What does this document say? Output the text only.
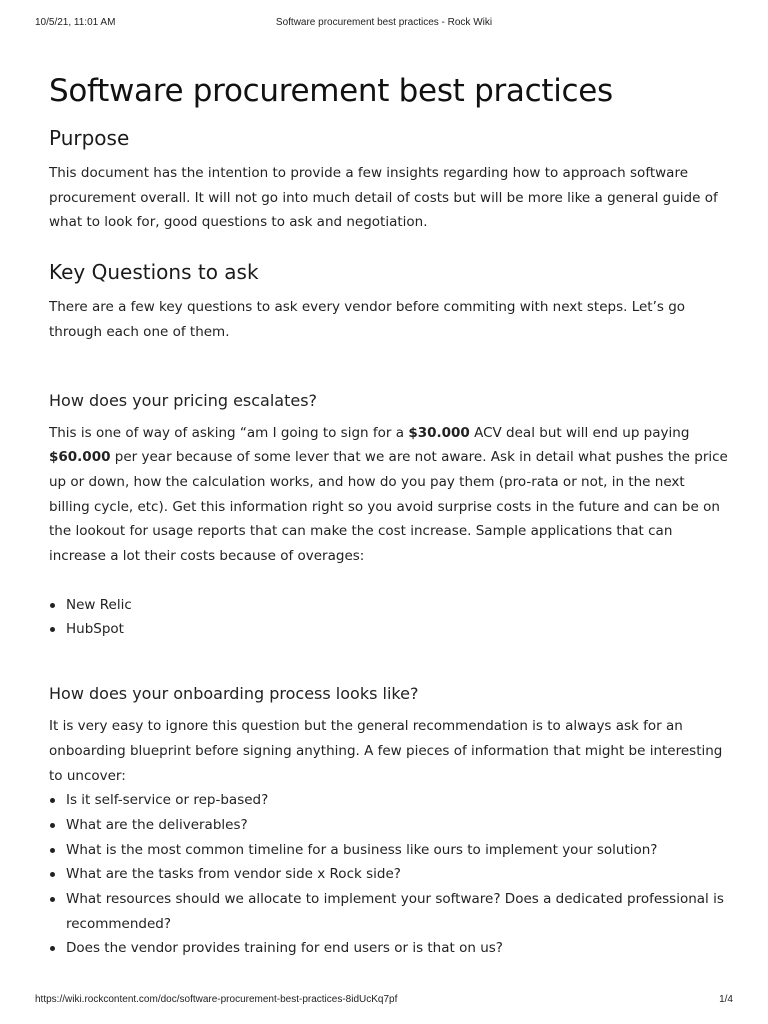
10/5/21, 11:01 AM	Software procurement best practices - Rock Wiki
Software procurement best practices
Purpose

This document has the intention to provide a few insights regarding how to approach software procurement overall. It will not go into much detail of costs but will be more like a general guide of what to look for, good questions to ask and negotiation.

Key Questions to ask

There are a few key questions to ask every vendor before commiting with next steps. Let’s go through each one of them.

How does your pricing escalates?

This is one of way of asking “am I going to sign for a $30.000 ACV deal but will end up paying $60.000 per year because of some lever that we are not aware. Ask in detail what pushes the price up or down, how the calculation works, and how do you pay them (pro-rata or not, in the next billing cycle, etc). Get this information right so you avoid surprise costs in the future and can be on the lookout for usage reports that can make the cost increase. Sample applications that can increase a lot their costs because of overages:

New Relic
HubSpot
How does your onboarding process looks like?

It is very easy to ignore this question but the general recommendation is to always ask for an onboarding blueprint before signing anything. A few pieces of information that might be interesting to uncover:

Is it self-service or rep-based?
What are the deliverables?
What is the most common timeline for a business like ours to implement your solution?
What are the tasks from vendor side x Rock side?
What resources should we allocate to implement your software? Does a dedicated professional is recommended?
Does the vendor provides training for end users or is that on us?
https://wiki.rockcontent.com/doc/software-procurement-best-practices-8idUcKq7pf	1/4
